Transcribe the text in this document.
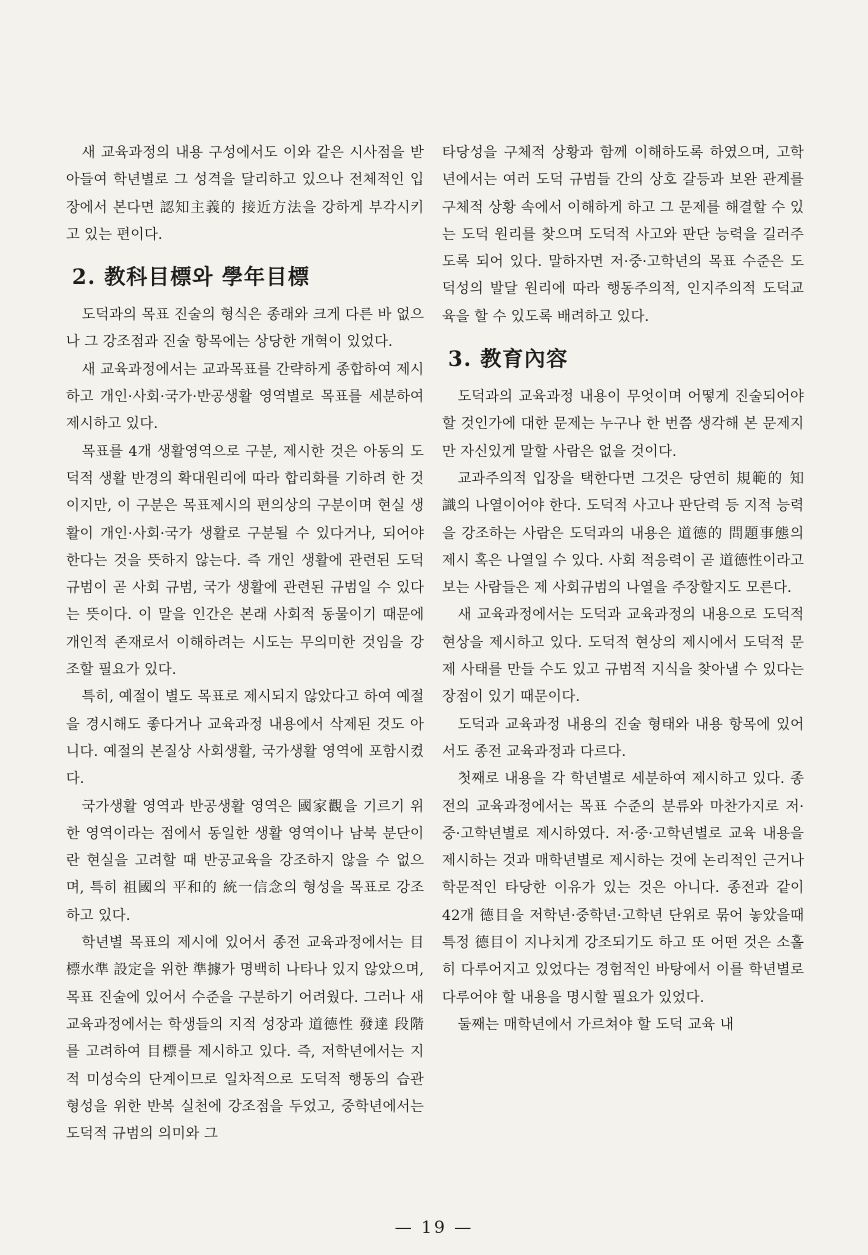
새 교육과정의 내용 구성에서도 이와 같은 시사점을 받아들여 학년별로 그 성격을 달리하고 있으나 전체적인 입장에서 본다면 認知主義的 接近方法을 강하게 부각시키고 있는 편이다.

2. 教科目標와 學年目標

도덕과의 목표 진술의 형식은 종래와 크게 다른 바 없으나 그 강조점과 진술 항목에는 상당한 개혁이 있었다.

새 교육과정에서는 교과목표를 간략하게 종합하여 제시하고 개인·사회·국가·반공생활 영역별로 목표를 세분하여 제시하고 있다.

목표를 4개 생활영역으로 구분, 제시한 것은 아동의 도덕적 생활 반경의 확대원리에 따라 합리화를 기하려 한 것이지만, 이 구분은 목표제시의 편의상의 구분이며 현실 생활이 개인·사회·국가 생활로 구분될 수 있다거나, 되어야 한다는 것을 뜻하지 않는다. 즉 개인 생활에 관련된 도덕 규범이 곧 사회 규범, 국가 생활에 관련된 규범일 수 있다는 뜻이다. 이 말을 인간은 본래 사회적 동물이기 때문에 개인적 존재로서 이해하려는 시도는 무의미한 것임을 강조할 필요가 있다.

특히, 예절이 별도 목표로 제시되지 않았다고 하여 예절을 경시해도 좋다거나 교육과정 내용에서 삭제된 것도 아니다. 예절의 본질상 사회생활, 국가생활 영역에 포함시켰다.

국가생활 영역과 반공생활 영역은 國家觀을 기르기 위한 영역이라는 점에서 동일한 생활 영역이나 남북 분단이란 현실을 고려할 때 반공교육을 강조하지 않을 수 없으며, 특히 祖國의 平和的 統一信念의 형성을 목표로 강조하고 있다.

학년별 목표의 제시에 있어서 종전 교육과정에서는 目標水準 設定을 위한 準據가 명백히 나타나 있지 않았으며, 목표 진술에 있어서 수준을 구분하기 어려웠다. 그러나 새 교육과정에서는 학생들의 지적 성장과 道德性 發達 段階를 고려하여 目標를 제시하고 있다. 즉, 저학년에서는 지적 미성숙의 단계이므로 일차적으로 도덕적 행동의 습관 형성을 위한 반복 실천에 강조점을 두었고, 중학년에서는 도덕적 규범의 의미와 그

타당성을 구체적 상황과 함께 이해하도록 하였으며, 고학년에서는 여러 도덕 규범들 간의 상호 갈등과 보완 관계를 구체적 상황 속에서 이해하게 하고 그 문제를 해결할 수 있는 도덕 원리를 찾으며 도덕적 사고와 판단 능력을 길러주도록 되어 있다. 말하자면 저·중·고학년의 목표 수준은 도덕성의 발달 원리에 따라 행동주의적, 인지주의적 도덕교육을 할 수 있도록 배려하고 있다.

3. 教育內容

도덕과의 교육과정 내용이 무엇이며 어떻게 진술되어야 할 것인가에 대한 문제는 누구나 한 번쯤 생각해 본 문제지만 자신있게 말할 사람은 없을 것이다.

교과주의적 입장을 택한다면 그것은 당연히 規範的 知識의 나열이어야 한다. 도덕적 사고나 판단력 등 지적 능력을 강조하는 사람은 도덕과의 내용은 道德的 問題事態의 제시 혹은 나열일 수 있다. 사회 적응력이 곧 道德性이라고 보는 사람들은 제 사회규범의 나열을 주장할지도 모른다.

새 교육과정에서는 도덕과 교육과정의 내용으로 도덕적 현상을 제시하고 있다. 도덕적 현상의 제시에서 도덕적 문제 사태를 만들 수도 있고 규범적 지식을 찾아낼 수 있다는 장점이 있기 때문이다.

도덕과 교육과정 내용의 진술 형태와 내용 항목에 있어서도 종전 교육과정과 다르다.

첫째로 내용을 각 학년별로 세분하여 제시하고 있다. 종전의 교육과정에서는 목표 수준의 분류와 마찬가지로 저·중·고학년별로 제시하였다. 저·중·고학년별로 교육 내용을 제시하는 것과 매학년별로 제시하는 것에 논리적인 근거나 학문적인 타당한 이유가 있는 것은 아니다. 종전과 같이 42개 德目을 저학년·중학년·고학년 단위로 묶어 놓았을때 특정 德目이 지나치게 강조되기도 하고 또 어떤 것은 소홀히 다루어지고 있었다는 경험적인 바탕에서 이를 학년별로 다루어야 할 내용을 명시할 필요가 있었다.

둘째는 매학년에서 가르쳐야 할 도덕 교육 내

— 19 —
